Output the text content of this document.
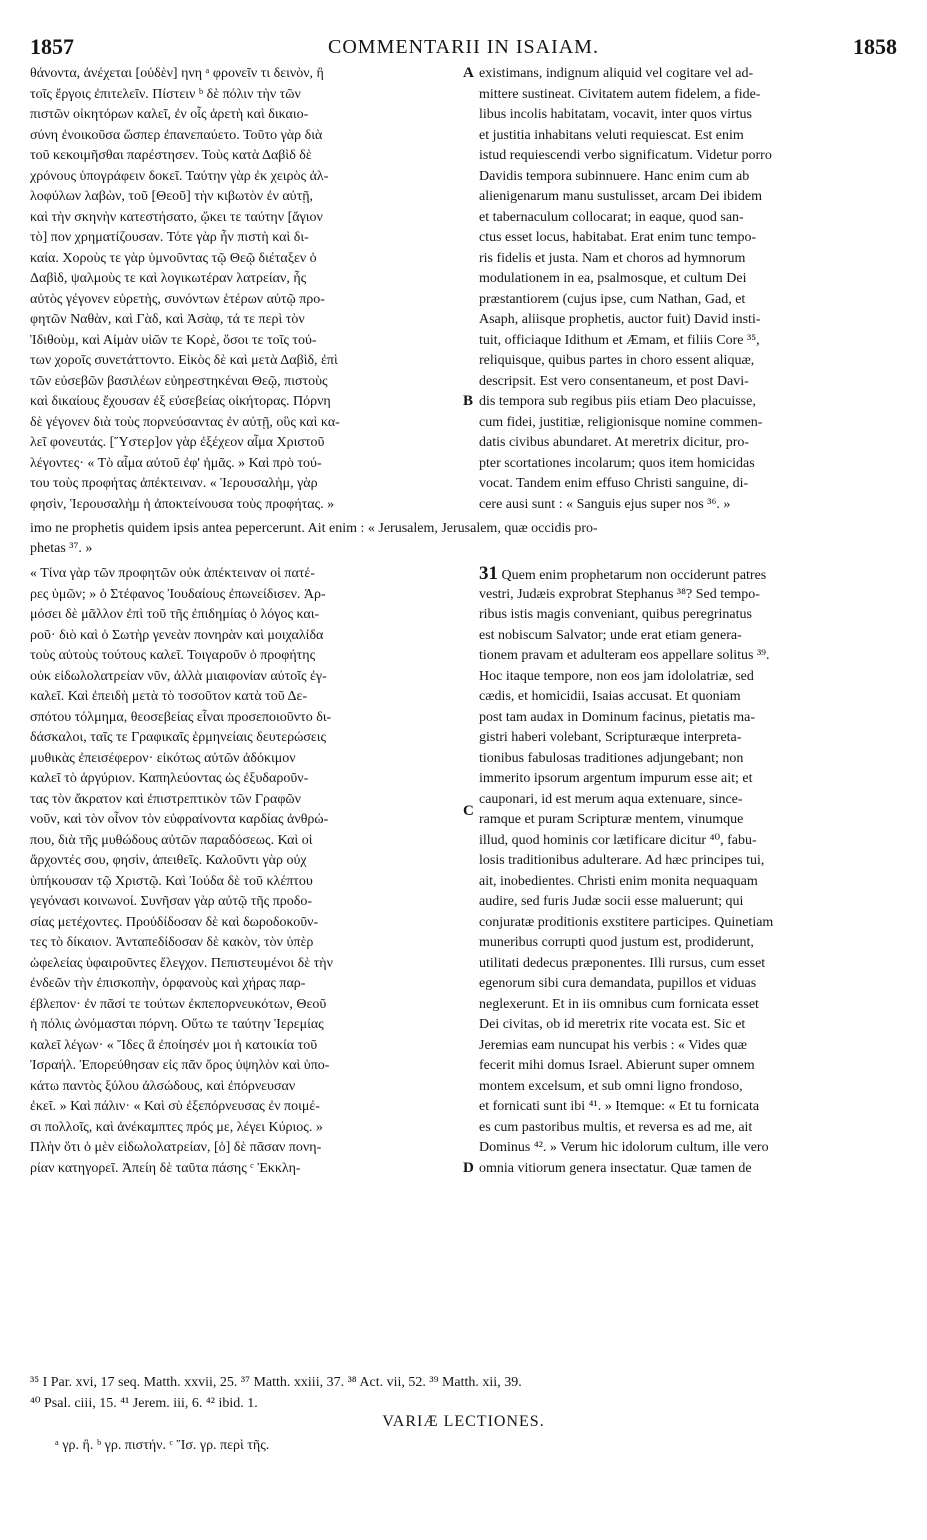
1857	COMMENTARII IN ISAIAM.	1858
θάνοντα, ἀνέχεται [οὐδὲν] ηνη ᵃ φρονεῖν τι δεινὸν, ἢ
τοῖς ἔργοις ἐπιτελεῖν. Πίστειν ᵇ δὲ πόλιν τὴν τῶν
πιστῶν οἰκητόρων καλεῖ, ἐν οἷς ἀρετὴ καὶ δικαιο-
σύνη ἐνοικοῦσα ὥσπερ ἐπανεπαύετο. Τοῦτο γὰρ διὰ
τοῦ κεκοιμῆσθαι παρέστησεν. Τοὺς κατὰ Δαβὶδ δὲ
χρόνους ὑπογράφειν δοκεῖ. Ταύτην γὰρ ἐκ χειρὸς ἀλ-
λοφύλων λαβὼν, τοῦ [Θεοῦ] τὴν κιβωτὸν ἐν αὐτῇ,
καὶ τὴν σκηνὴν κατεστήσατο, ᾤκει τε ταύτην [ἅγιον
τὸ] πον χρηματίζουσαν. Τότε γὰρ ἦν πιστὴ καὶ δι-
καία. Χοροὺς τε γὰρ ὑμνοῦντας τῷ Θεῷ διέταξεν ὁ
Δαβὶδ, ψαλμοὺς τε καὶ λογικωτέραν λατρείαν, ἧς
αὐτὸς γέγονεν εὑρετὴς, συνόντων ἑτέρων αὐτῷ προ-
φητῶν Ναθὰν, καὶ Γὰδ, καὶ Ἀσὰφ, τά τε περὶ τὸν
Ἰδιθοὺμ, καὶ Αἰμὰν υἱῶν τε Κορὲ, ὅσοι τε τοῖς τού-
των χοροῖς συνετάττοντο. Εἰκὸς δὲ καὶ μετὰ Δαβὶδ, ἐπὶ
τῶν εὐσεβῶν βασιλέων εὐηρεστηκέναι Θεῷ, πιστοὺς
καὶ δικαίους ἔχουσαν ἐξ εὐσεβείας οἰκήτορας. Πόρνη
δὲ γέγονεν διὰ τοὺς πορνεύσαντας ἐν αὐτῇ, οὓς καὶ κα-
λεῖ φονευτάς. [Ὕστερ]ον γὰρ ἐξέχεον αἷμα Χριστοῦ
λέγοντες· « Τὸ αἷμα αὐτοῦ ἐφ' ἡμᾶς. » Καὶ πρὸ τού-
του τοὺς προφήτας ἀπέκτειναν. « Ἱερουσαλὴμ, γὰρ
φησὶν, Ἱερουσαλὴμ ἡ ἀποκτείνουσα τοὺς προφήτας. »
existimans, indignum aliquid vel cogitare vel ad-
mittere sustineat. Civitatem autem fidelem, a fide-
libus incolis habitatam, vocavit, inter quos virtus
et justitia inhabitans veluti requiescat. Est enim
istud requiescendi verbo significatum. Videtur porro
Davidis tempora subinnuere. Hanc enim cum ab
alienigenarum manu sustulisset, arcam Dei ibidem
et tabernaculum collocarat; in eaque, quod san-
ctus esset locus, habitabat. Erat enim tunc tempo-
ris fidelis et justa. Nam et choros ad hymnorum
modulationem in ea, psalmosque, et cultum Dei
præstantiorem (cujus ipse, cum Nathan, Gad, et
Asaph, aliisque prophetis, auctor fuit) David insti-
tuit, officiaque Idithum et Æmam, et filiis Core ³⁵,
reliquisque, quibus partes in choro essent aliquæ,
descripsit. Est vero consentaneum, et post Davi-
dis tempora sub regibus piis etiam Deo placuisse,
cum fidei, justitiæ, religionisque nomine commen-
datis civibus abundaret. At meretrix dicitur, pro-
pter scortationes incolarum; quos item homicidas
vocat. Tandem enim effuso Christi sanguine, di-
cere ausi sunt : « Sanguis ejus super nos ³⁶. »
imo ne prophetis quidem ipsis antea pepercerunt. Ait enim : « Jerusalem, Jerusalem, quæ occidis pro-
phetas ³⁷. »
« Τίνα γὰρ τῶν προφητῶν οὐκ ἀπέκτειναν οἱ πατέ-
ρες ὑμῶν; » ὁ Στέφανος Ἰουδαίους ἐπωνείδισεν. Ἁρ-
μόσει δὲ μᾶλλον ἐπὶ τοῦ τῆς ἐπιδημίας ὁ λόγος και-
ροῦ· διὸ καὶ ὁ Σωτὴρ γενεὰν πονηρὰν καὶ μοιχαλίδα
τοὺς αὐτοὺς τούτους καλεῖ. Τοιγαροῦν ὁ προφήτης
οὐκ εἰδωλολατρείαν νῦν, ἀλλὰ μιαιφονίαν αὐτοῖς ἐγ-
καλεῖ. Καὶ ἐπειδὴ μετὰ τὸ τοσοῦτον κατὰ τοῦ Δε-
σπότου τόλμημα, θεοσεβείας εἶναι προσεποιοῦντο δι-
δάσκαλοι, ταῖς τε Γραφικαῖς ἑρμηνείαις δευτερώσεις
μυθικὰς ἐπεισέφερον· εἰκότως αὐτῶν ἀδόκιμον
καλεῖ τὸ ἀργύριον. Καπηλεύοντας ὡς ἐξυδαροῦν-
τας τὸν ἄκρατον καὶ ἐπιστρεπτικὸν τῶν Γραφῶν
νοῦν, καὶ τὸν οἶνον τὸν εὐφραίνοντα καρδίας ἀνθρώ-
που, διὰ τῆς μυθώδους αὐτῶν παραδόσεως. Καὶ οἱ
ἄρχοντές σου, φησὶν, ἀπειθεῖς. Καλοῦντι γὰρ οὐχ
ὑπήκουσαν τῷ Χριστῷ. Καὶ Ἰούδα δὲ τοῦ κλέπτου
γεγόνασι κοινωνοί. Συνῆσαν γὰρ αὐτῷ τῆς προδο-
σίας μετέχοντες. Προὐδίδοσαν δὲ καὶ δωροδοκοῦν-
τες τὸ δίκαιον. Ἀνταπεδίδοσαν δὲ κακὸν, τὸν ὑπὲρ
ὠφελείας ὑφαιροῦντες ἔλεγχον. Πεπιστευμένοι δὲ τὴν
ἐνδεῶν τὴν ἐπισκοπὴν, ὀρφανοὺς καὶ χήρας παρ-
έβλεπον· ἐν πᾶσί τε τούτων ἐκπεπορνευκότων, Θεοῦ
ἡ πόλις ὠνόμασται πόρνη. Οὕτω τε ταύτην Ἱερεμίας
καλεῖ λέγων· « Ἴδες ἃ ἐποίησέν μοι ἡ κατοικία τοῦ
Ἰσραήλ. Ἐπορεύθησαν εἰς πᾶν ὄρος ὑψηλὸν καὶ ὑπο-
κάτω παντὸς ξύλου ἀλσώδους, καὶ ἐπόρνευσαν
ἐκεῖ. » Καὶ πάλιν· « Καὶ σὺ ἐξεπόρνευσας ἐν ποιμέ-
σι πολλοῖς, καὶ ἀνέκαμπτες πρός με, λέγει Κύριος. »
Πλὴν ὅτι ὁ μὲν εἰδωλολατρείαν, [ὁ] δὲ πᾶσαν πονη-
ρίαν κατηγορεῖ. Ἀπείη δὲ ταῦτα πάσης ᶜ Ἐκκλη-
31 Quem enim prophetarum non occiderunt patres
vestri, Judæis exprobrat Stephanus ³⁸? Sed tempo-
ribus istis magis conveniant, quibus peregrinatus
est nobiscum Salvator; unde erat etiam genera-
tionem pravam et adulteram eos appellare solitus ³⁹.
Hoc itaque tempore, non eos jam idololatriæ, sed
cædis, et homicidii, Isaias accusat. Et quoniam
post tam audax in Dominum facinus, pietatis ma-
gistri haberi volebant, Scripturæque interpreta-
tionibus fabulosas traditiones adjungebant; non
immerito ipsorum argentum impurum esse ait; et
cauponari, id est merum aqua extenuare, since-
ramque et puram Scripturæ mentem, vinumque
illud, quod hominis cor lætificare dicitur ⁴⁰, fabu-
losis traditionibus adulterare. Ad hæc principes tui,
ait, inobedientes. Christi enim monita nequaquam
audire, sed furis Judæ socii esse maluerunt; qui
conjuratæ proditionis exstitere participes. Quinetiam
muneribus corrupti quod justum est, prodiderunt,
utilitati dedecus præponentes. Illi rursus, cum esset
egenorum sibi cura demandata, pupillos et viduas
neglexerunt. Et in iis omnibus cum fornicata esset
Dei civitas, ob id meretrix rite vocata est. Sic et
Jeremias eam nuncupat his verbis : « Vides quæ
fecerit mihi domus Israel. Abierunt super omnem
montem excelsum, et sub omni ligno frondoso,
et fornicati sunt ibi ⁴¹. » Itemque: « Et tu fornicata
es cum pastoribus multis, et reversa es ad me, ait
Dominus ⁴². » Verum hic idolorum cultum, ille vero
omnia vitiorum genera insectatur. Quæ tamen de
A
B
C
D
³⁵ I Par. xvi, 17 seq. Matth. xxvii, 25. ³⁷ Matth. xxiii, 37. ³⁸ Act. vii, 52. ³⁹ Matth. xii, 39.
⁴⁰ Psal. ciii, 15. ⁴¹ Jerem. iii, 6. ⁴² ibid. 1.
VARIÆ LECTIONES.
ᵃ γρ. ἢ. ᵇ γρ. πιστήν. ᶜ Ἴσ. γρ. περὶ τῆς.
